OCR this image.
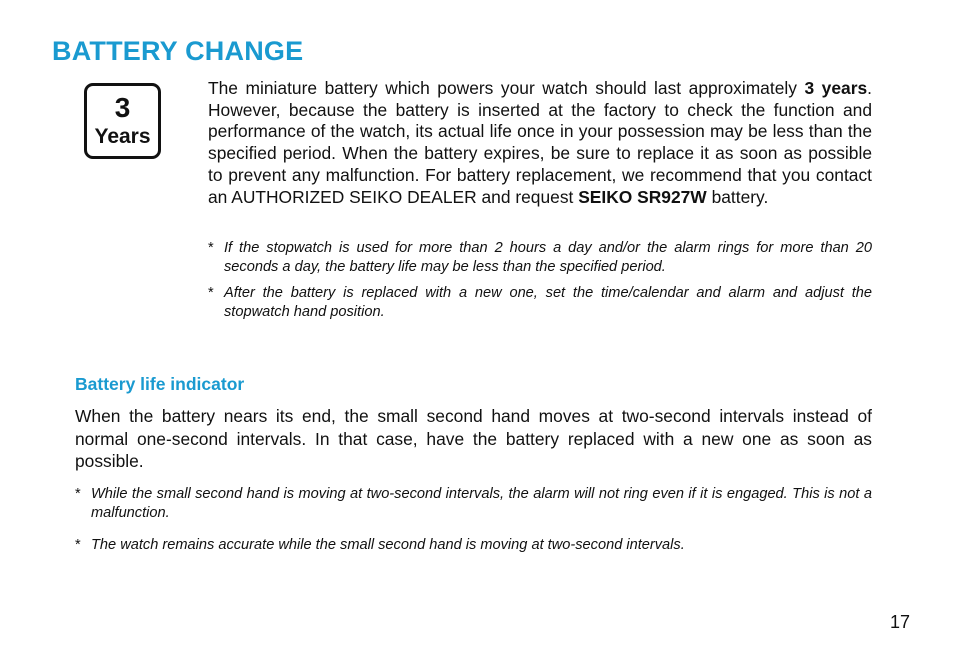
BATTERY CHANGE
3
Years

The miniature battery which powers your watch should last approximately 3 years. However, because the battery is inserted at the factory to check the function and performance of the watch, its actual life once in your possession may be less than the specified period. When the battery expires, be sure to replace it as soon as possible to prevent any malfunction. For battery replacement, we recommend that you contact an AUTHORIZED SEIKO DEALER and request SEIKO SR927W battery.

* If the stopwatch is used for more than 2 hours a day and/or the alarm rings for more than 20 seconds a day, the battery life may be less than the specified period.
* After the battery is replaced with a new one, set the time/calendar and alarm and adjust the stopwatch hand position.
Battery life indicator

When the battery nears its end, the small second hand moves at two-second intervals instead of normal one-second intervals. In that case, have the battery replaced with a new one as soon as possible.

* While the small second hand is moving at two-second intervals, the alarm will not ring even if it is engaged. This is not a malfunction.
* The watch remains accurate while the small second hand is moving at two-second intervals.
17
